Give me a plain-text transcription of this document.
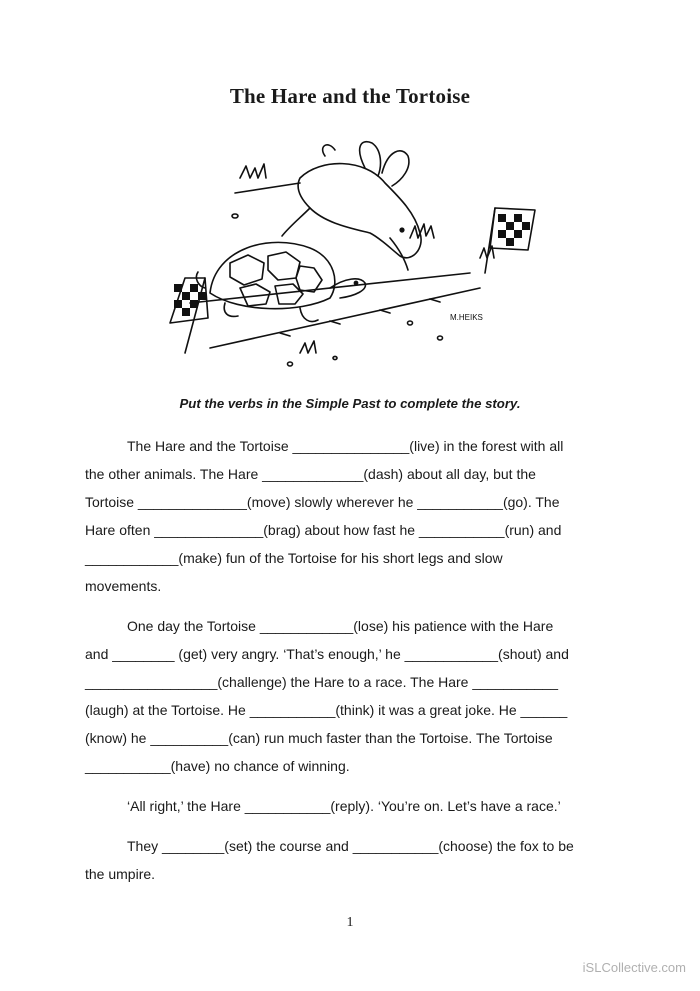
The Hare and the Tortoise
M.HEIKS
Put the verbs in the Simple Past to complete the story.

The Hare and the Tortoise _______________(live) in the forest with all
the other animals. The Hare _____________(dash) about all day, but the
Tortoise ______________(move) slowly wherever he ___________(go). The
Hare often ______________(brag) about how fast he ___________(run) and
____________(make) fun of the Tortoise for his short legs and slow
movements.

One day the Tortoise ____________(lose) his patience with the Hare
and ________ (get) very angry. ‘That’s enough,’ he ____________(shout) and
_________________(challenge) the Hare to a race. The Hare ___________
(laugh) at the Tortoise. He ___________(think) it was a great joke. He ______
(know) he __________(can) run much faster than the Tortoise. The Tortoise
___________(have) no chance of winning.

‘All right,’ the Hare ___________(reply). ‘You’re on. Let’s have a race.’

They ________(set) the course and ___________(choose) the fox to be
the umpire.

1
iSLCollective.com
